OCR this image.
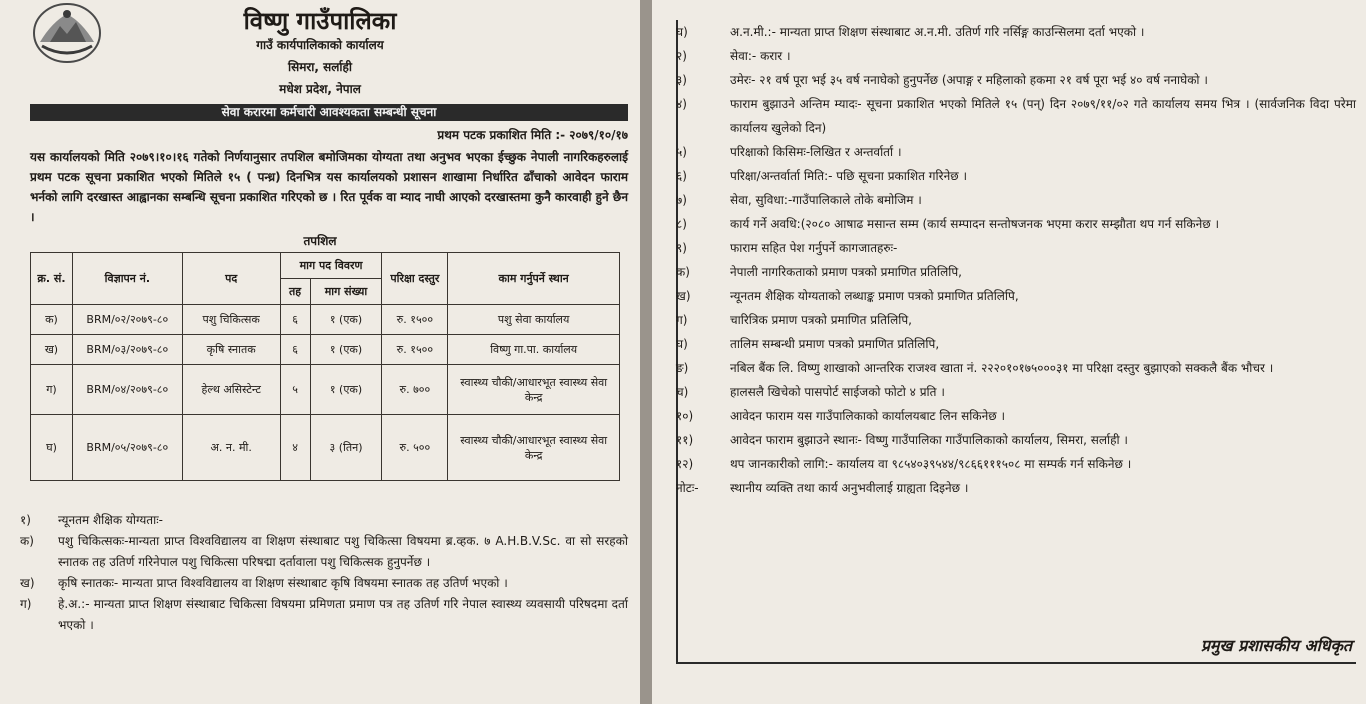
विष्णु गाउँपालिका
गाउँ कार्यपालिकाको कार्यालय
सिमरा, सर्लाही
मधेश प्रदेश, नेपाल
सेवा करारमा कर्मचारी आवश्यकता सम्बन्धी सूचना
प्रथम पटक प्रकाशित मिति :- २०७९/१०/१७
यस कार्यालयको मिति २०७९।१०।१६ गतेको निर्णयानुसार तपशिल बमोजिमका योग्यता तथा अनुभव भएका ईच्छुक नेपाली नागरिकहरुलाई प्रथम पटक सूचना प्रकाशित भएको मितिले १५ ( पन्ध्र) दिनभित्र यस कार्यालयको प्रशासन शाखामा निर्धारित ढाँचाको आवेदन फाराम भर्नको लागि दरखास्त आह्वानका सम्बन्धि सूचना प्रकाशित गरिएको छ । रित पूर्वक वा म्याद नाघी आएको दरखास्तमा कुनै कारवाही हुने छैन ।
तपशिल
क्र. सं.	विज्ञापन नं.	पद	माग पद विवरण		परिक्षा दस्तुर	काम गर्नुपर्ने स्थान
			तह	माग संख्या		
क)	BRM/०२/२०७९-८०	पशु चिकित्सक	६	१ (एक)	रु. १५००	पशु सेवा कार्यालय
ख)	BRM/०३/२०७९-८०	कृषि स्नातक	६	१ (एक)	रु. १५००	विष्णु गा.पा. कार्यालय
ग)	BRM/०४/२०७९-८०	हेल्थ असिस्टेन्ट	५	१ (एक)	रु. ७००	स्वास्थ्य चौकी/आधारभूत स्वास्थ्य सेवा केन्द्र
घ)	BRM/०५/२०७९-८०	अ. न. मी.	४	३ (तिन)	रु. ५००	स्वास्थ्य चौकी/आधारभूत स्वास्थ्य सेवा केन्द्र
१)	न्यूनतम शैक्षिक योग्यताः-
क)	पशु चिकित्सकः-मान्यता प्राप्त विश्वविद्यालय वा शिक्षण संस्थाबाट पशु चिकित्सा विषयमा ब्र.व्हक. ७ A.H.B.V.Sc. वा सो सरहको स्नातक तह उतिर्ण गरिनेपाल पशु चिकित्सा परिषद्मा दर्तावाला पशु चिकित्सक हुनुपर्नेछ ।
ख)	कृषि स्नातकः- मान्यता प्राप्त विश्वविद्यालय वा शिक्षण संस्थाबाट कृषि विषयमा स्नातक तह उतिर्ण भएको ।
ग)	हे.अ.:- मान्यता प्राप्त शिक्षण संस्थाबाट चिकित्सा विषयमा प्रमिणता प्रमाण पत्र तह उतिर्ण गरि नेपाल स्वास्थ्य व्यवसायी परिषदमा दर्ता भएको ।
घ)	अ.न.मी.:- मान्यता प्राप्त शिक्षण संस्थाबाट अ.न.मी. उतिर्ण गरि नर्सिङ्ग काउन्सिलमा दर्ता भएको ।
२)	सेवा:- करार ।
३)	उमेरः- २१ वर्ष पूरा भई ३५ वर्ष ननाघेको हुनुपर्नेछ (अपाङ्ग र महिलाको हकमा २१ वर्ष पूरा भई ४० वर्ष ननाघेको ।
४)	फाराम बुझाउने अन्तिम म्यादः- सूचना प्रकाशित भएको मितिले १५ (पन्) दिन २०७९/११/०२ गते कार्यालय समय भित्र । (सार्वजनिक विदा परेमा कार्यालय खुलेको दिन)
५)	परिक्षाको किसिमः-लिखित र अन्तर्वार्ता ।
६)	परिक्षा/अन्तर्वार्ता मिति:- पछि सूचना प्रकाशित गरिनेछ ।
७)	सेवा, सुविधा:-गाउँपालिकाले तोके बमोजिम ।
८)	कार्य गर्ने अवधि:(२०८० आषाढ मसान्त सम्म (कार्य सम्पादन सन्तोषजनक भएमा करार सम्झौता थप गर्न सकिनेछ ।
९)	फाराम सहित पेश गर्नुपर्ने कागजातहरुः-
क)	नेपाली नागरिकताको प्रमाण पत्रको प्रमाणित प्रतिलिपि,
ख)	न्यूनतम शैक्षिक योग्यताको लब्धाङ्क प्रमाण पत्रको प्रमाणित प्रतिलिपि,
ग)	चारित्रिक प्रमाण पत्रको प्रमाणित प्रतिलिपि,
घ)	तालिम सम्बन्धी प्रमाण पत्रको प्रमाणित प्रतिलिपि,
ङ)	नबिल बैंक लि. विष्णु शाखाको आन्तरिक राजश्व खाता नं. २२२०१०१७५०००३१ मा परिक्षा दस्तुर बुझाएको सक्कलै बैंक भौचर ।
च)	हालसलै खिचेको पासपोर्ट साईजको फोटो ४ प्रति ।
१०)	आवेदन फाराम यस गाउँपालिकाको कार्यालयबाट लिन सकिनेछ ।
११)	आवेदन फाराम बुझाउने स्थानः- विष्णु गाउँपालिका गाउँपालिकाको कार्यालय, सिमरा, सर्लाही ।
१२)	थप जानकारीको लागि:- कार्यालय वा ९८५४०३९५४४/९८६६१११५०८ मा सम्पर्क गर्न सकिनेछ ।
नोटः-	स्थानीय व्यक्ति तथा कार्य अनुभवीलाई ग्राह्यता दिइनेछ ।
प्रमुख प्रशासकीय अधिकृत
